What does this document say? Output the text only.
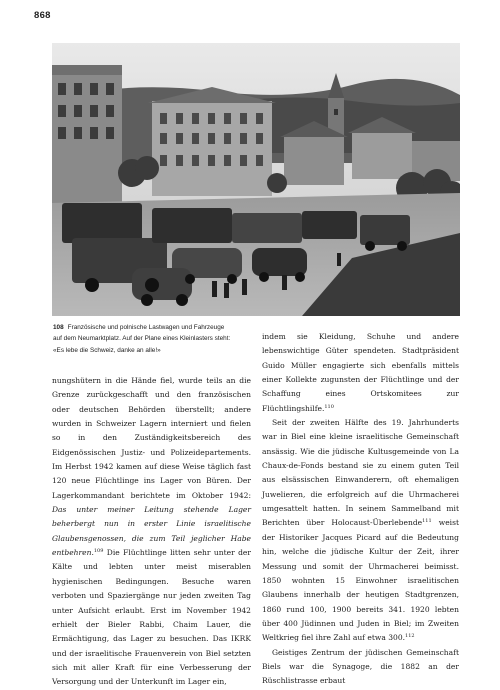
868
108 Französische und polnische Lastwagen und Fahrzeuge auf dem Neumarktplatz. Auf der Plane eines Kleinlasters steht: «Es lebe die Schweiz, danke an alle!»

nungshütern in die Hände fiel, wurde teils an die Grenze zurückgeschafft und den französischen oder deutschen Behörden überstellt; andere wurden in Schweizer Lagern interniert und fielen so in den Zuständigkeitsbereich des Eidgenössischen Justiz- und Polizeidepartements. Im Herbst 1942 kamen auf diese Weise täglich fast 120 neue Flüchtlinge ins Lager von Büren. Der Lagerkommandant berichtete im Oktober 1942: Das unter meiner Leitung stehende Lager beherbergt nun in erster Linie israelitische Glaubensgenossen, die zum Teil jeglicher Habe entbehren.$^{109}$ Die Flüchtlinge litten sehr unter der Kälte und lebten unter meist miserablen hygienischen Bedingungen. Besuche waren verboten und Spaziergänge nur jeden zweiten Tag unter Aufsicht erlaubt. Erst im November 1942 erhielt der Bieler Rabbi, Chaim Lauer, die Ermächtigung, das Lager zu besuchen. Das IKRK und der israelitische Frauenverein von Biel setzten sich mit aller Kraft für eine Verbesserung der Versorgung und der Unterkunft im Lager ein,

indem sie Kleidung, Schuhe und andere lebenswichtige Güter spendeten. Stadtpräsident Guido Müller engagierte sich ebenfalls mittels einer Kollekte zugunsten der Flüchtlinge und der Schaffung eines Ortskomitees zur Flüchtlingshilfe.$^{110}$

Seit der zweiten Hälfte des 19. Jahrhunderts war in Biel eine kleine israelitische Gemeinschaft ansässig. Wie die jüdische Kultusgemeinde von La Chaux-de-Fonds bestand sie zu einem guten Teil aus elsässischen Einwanderern, oft ehemaligen Juwelieren, die erfolgreich auf die Uhrmacherei umgesattelt hatten. In seinem Sammelband mit Berichten über Holocaust-Überlebende$^{111}$ weist der Historiker Jacques Picard auf die Bedeutung hin, welche die jüdische Kultur der Zeit, ihrer Messung und somit der Uhrmacherei beimisst. 1850 wohnten 15 Einwohner israelitischen Glaubens innerhalb der heutigen Stadtgrenzen, 1860 rund 100, 1900 bereits 341. 1920 lebten über 400 Jüdinnen und Juden in Biel; im Zweiten Weltkrieg fiel ihre Zahl auf etwa 300.$^{112}$

Geistiges Zentrum der jüdischen Gemeinschaft Biels war die Synagoge, die 1882 an der Rüschlistrasse erbaut
